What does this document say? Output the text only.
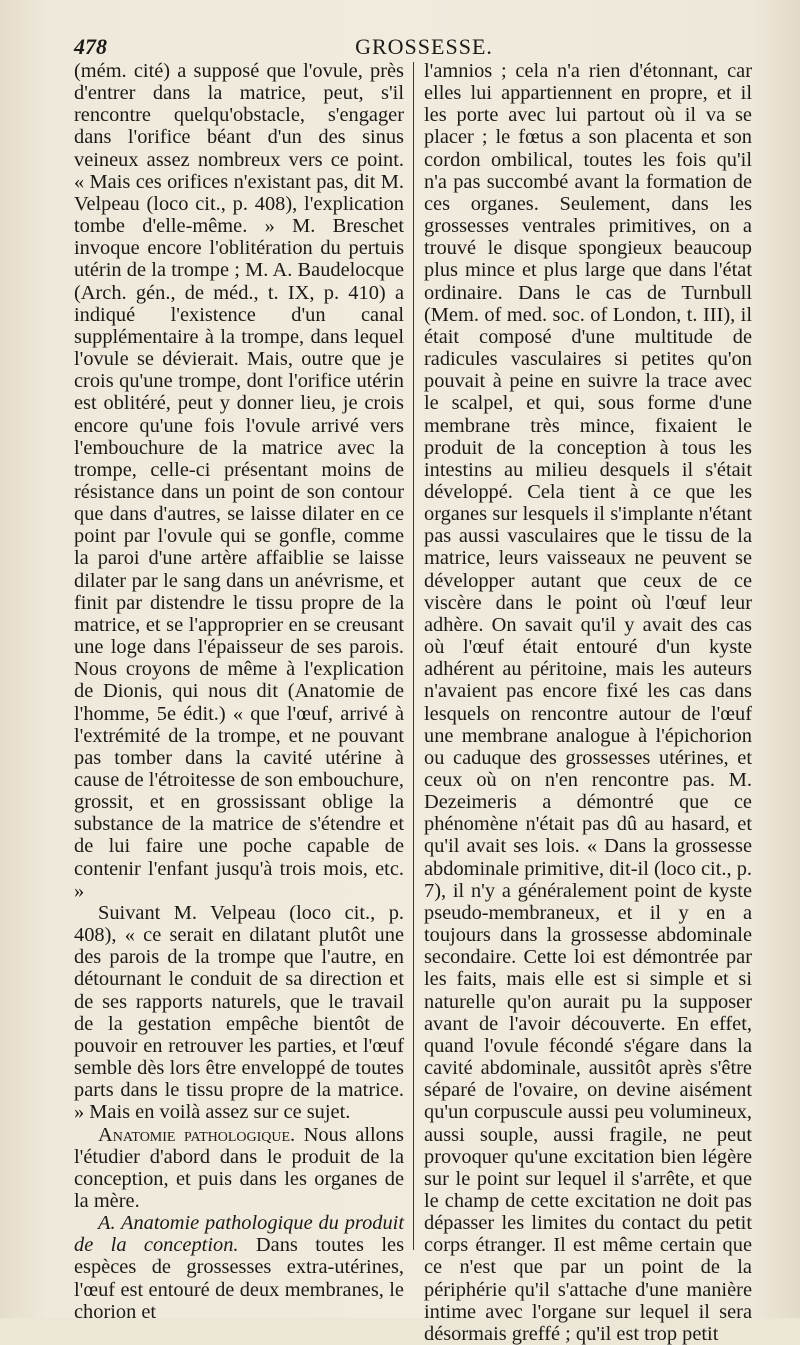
478	GROSSESSE.

(mém. cité) a supposé que l'ovule, près d'entrer dans la matrice, peut, s'il rencontre quelqu'obstacle, s'engager dans l'orifice béant d'un des sinus veineux assez nombreux vers ce point. « Mais ces orifices n'existant pas, dit M. Velpeau (loco cit., p. 408), l'explication tombe d'elle-même. » M. Breschet invoque encore l'oblitération du pertuis utérin de la trompe ; M. A. Baudelocque (Arch. gén., de méd., t. IX, p. 410) a indiqué l'existence d'un canal supplémentaire à la trompe, dans lequel l'ovule se dévierait. Mais, outre que je crois qu'une trompe, dont l'orifice utérin est oblitéré, peut y donner lieu, je crois encore qu'une fois l'ovule arrivé vers l'embouchure de la matrice avec la trompe, celle-ci présentant moins de résistance dans un point de son contour que dans d'autres, se laisse dilater en ce point par l'ovule qui se gonfle, comme la paroi d'une artère affaiblie se laisse dilater par le sang dans un anévrisme, et finit par distendre le tissu propre de la matrice, et se l'approprier en se creusant une loge dans l'épaisseur de ses parois. Nous croyons de même à l'explication de Dionis, qui nous dit (Anatomie de l'homme, 5e édit.) « que l'œuf, arrivé à l'extrémité de la trompe, et ne pouvant pas tomber dans la cavité utérine à cause de l'étroitesse de son embouchure, grossit, et en grossissant oblige la substance de la matrice de s'étendre et de lui faire une poche capable de contenir l'enfant jusqu'à trois mois, etc. »

Suivant M. Velpeau (loco cit., p. 408), « ce serait en dilatant plutôt une des parois de la trompe que l'autre, en détournant le conduit de sa direction et de ses rapports naturels, que le travail de la gestation empêche bientôt de pouvoir en retrouver les parties, et l'œuf semble dès lors être enveloppé de toutes parts dans le tissu propre de la matrice. » Mais en voilà assez sur ce sujet.

Anatomie pathologique. Nous allons l'étudier d'abord dans le produit de la conception, et puis dans les organes de la mère.

A. Anatomie pathologique du produit de la conception. Dans toutes les espèces de grossesses extra-utérines, l'œuf est entouré de deux membranes, le chorion et

l'amnios ; cela n'a rien d'étonnant, car elles lui appartiennent en propre, et il les porte avec lui partout où il va se placer ; le fœtus a son placenta et son cordon ombilical, toutes les fois qu'il n'a pas succombé avant la formation de ces organes. Seulement, dans les grossesses ventrales primitives, on a trouvé le disque spongieux beaucoup plus mince et plus large que dans l'état ordinaire. Dans le cas de Turnbull (Mem. of med. soc. of London, t. III), il était composé d'une multitude de radicules vasculaires si petites qu'on pouvait à peine en suivre la trace avec le scalpel, et qui, sous forme d'une membrane très mince, fixaient le produit de la conception à tous les intestins au milieu desquels il s'était développé. Cela tient à ce que les organes sur lesquels il s'implante n'étant pas aussi vasculaires que le tissu de la matrice, leurs vaisseaux ne peuvent se développer autant que ceux de ce viscère dans le point où l'œuf leur adhère. On savait qu'il y avait des cas où l'œuf était entouré d'un kyste adhérent au péritoine, mais les auteurs n'avaient pas encore fixé les cas dans lesquels on rencontre autour de l'œuf une membrane analogue à l'épichorion ou caduque des grossesses utérines, et ceux où on n'en rencontre pas. M. Dezeimeris a démontré que ce phénomène n'était pas dû au hasard, et qu'il avait ses lois. « Dans la grossesse abdominale primitive, dit-il (loco cit., p. 7), il n'y a généralement point de kyste pseudo-membraneux, et il y en a toujours dans la grossesse abdominale secondaire. Cette loi est démontrée par les faits, mais elle est si simple et si naturelle qu'on aurait pu la supposer avant de l'avoir découverte. En effet, quand l'ovule fécondé s'égare dans la cavité abdominale, aussitôt après s'être séparé de l'ovaire, on devine aisément qu'un corpuscule aussi peu volumineux, aussi souple, aussi fragile, ne peut provoquer qu'une excitation bien légère sur le point sur lequel il s'arrête, et que le champ de cette excitation ne doit pas dépasser les limites du contact du petit corps étranger. Il est même certain que ce n'est que par un point de la périphérie qu'il s'attache d'une manière intime avec l'organe sur lequel il sera désormais greffé ; qu'il est trop petit
